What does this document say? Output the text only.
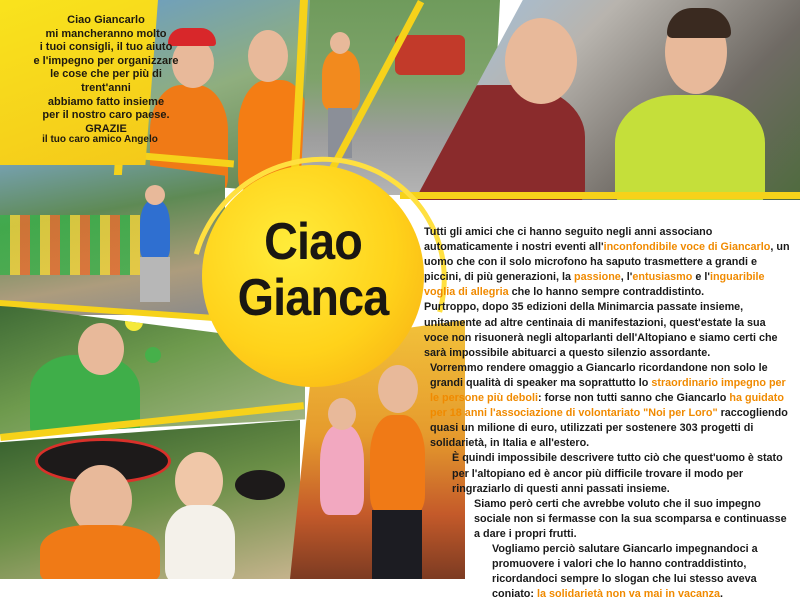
Ciao Giancarlo
mi mancheranno molto
i tuoi consigli, il tuo aiuto
e l'impegno per organizzare
le cose che per più di trent'anni
abbiamo fatto insieme
per il nostro caro paese.
GRAZIE
il tuo caro amico Angelo
Ciao
Gianca

Tutti gli amici che ci hanno seguito negli anni associano automaticamente i nostri eventi all'inconfondibile voce di Giancarlo, un uomo che con il solo microfono ha saputo trasmettere a grandi e piccini, di più generazioni, la passione, l'entusiasmo e l'inguaribile voglia di allegria che lo hanno sempre contraddistinto.

Purtroppo, dopo 35 edizioni della Minimarcia passate insieme, unitamente ad altre centinaia di manifestazioni, quest'estate la sua voce non risuonerà negli altoparlanti dell'Altopiano e siamo certi che sarà impossibile abituarci a questo silenzio assordante.

Vorremmo rendere omaggio a Giancarlo ricordandone non solo le grandi qualità di speaker ma soprattutto lo straordinario impegno per le persone più deboli: forse non tutti sanno che Giancarlo ha guidato per 18 anni l'associazione di volontariato "Noi per Loro" raccogliendo quasi un milione di euro, utilizzati per sostenere 303 progetti di solidarietà, in Italia e all'estero.

È quindi impossibile descrivere tutto ciò che quest'uomo è stato per l'altopiano ed è ancor più difficile trovare il modo per ringraziarlo di questi anni passati insieme.

Siamo però certi che avrebbe voluto che il suo impegno sociale non si fermasse con la sua scomparsa e continuasse a dare i propri frutti.

Vogliamo perciò salutare Giancarlo impegnandoci a promuovere i valori che lo hanno contraddistinto, ricordandoci sempre lo slogan che lui stesso aveva coniato: la solidarietà non va mai in vacanza.
